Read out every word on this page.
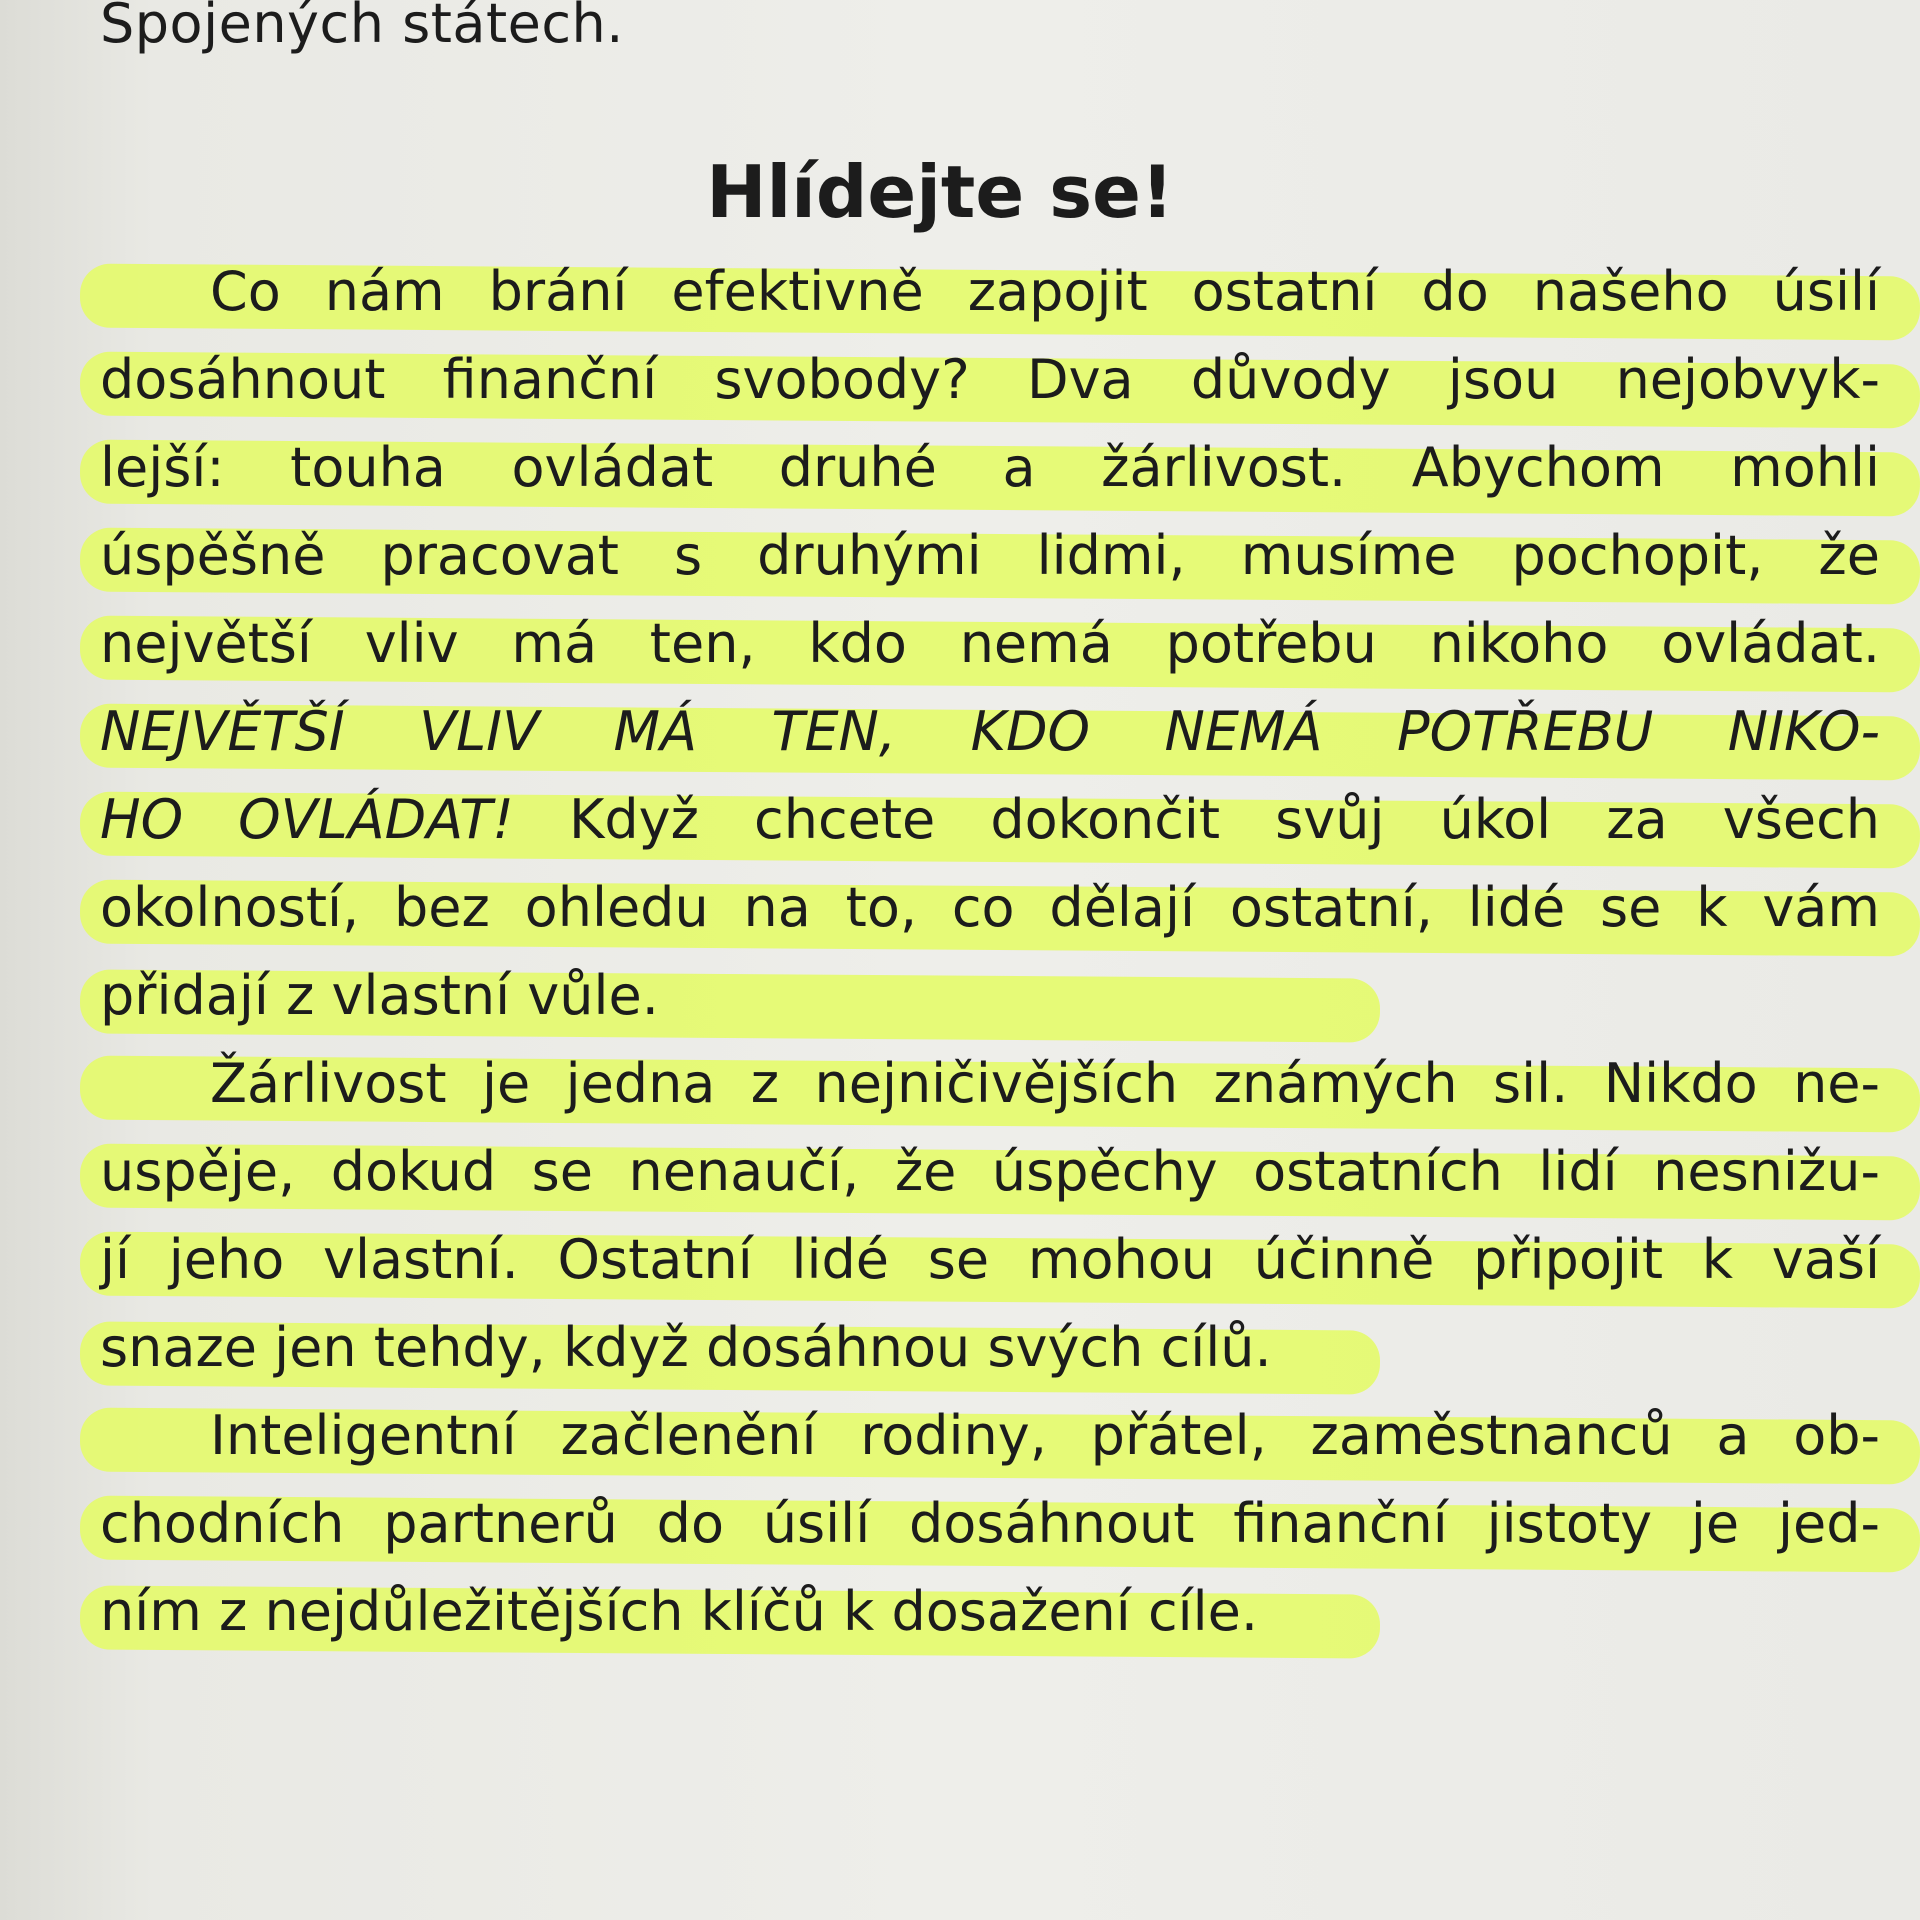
Spojených státech.

Hlídejte se!
Co nám brání efektivně zapojit ostatní do našeho úsilí
dosáhnout finanční svobody? Dva důvody jsou nejobvyk-
lejší: touha ovládat druhé a žárlivost. Abychom mohli
úspěšně pracovat s druhými lidmi, musíme pochopit, že
největší vliv má ten, kdo nemá potřebu nikoho ovládat.
NEJVĚTŠÍ VLIV MÁ TEN, KDO NEMÁ POTŘEBU NIKO-
HO OVLÁDAT! Když chcete dokončit svůj úkol za všech
okolností, bez ohledu na to, co dělají ostatní, lidé se k vám
přidají z vlastní vůle.
Žárlivost je jedna z nejničivějších známých sil. Nikdo ne-
uspěje, dokud se nenaučí, že úspěchy ostatních lidí nesnižu-
jí jeho vlastní. Ostatní lidé se mohou účinně připojit k vaší
snaze jen tehdy, když dosáhnou svých cílů.
Inteligentní začlenění rodiny, přátel, zaměstnanců a ob-
chodních partnerů do úsilí dosáhnout finanční jistoty je jed-
ním z nejdůležitějších klíčů k dosažení cíle.
